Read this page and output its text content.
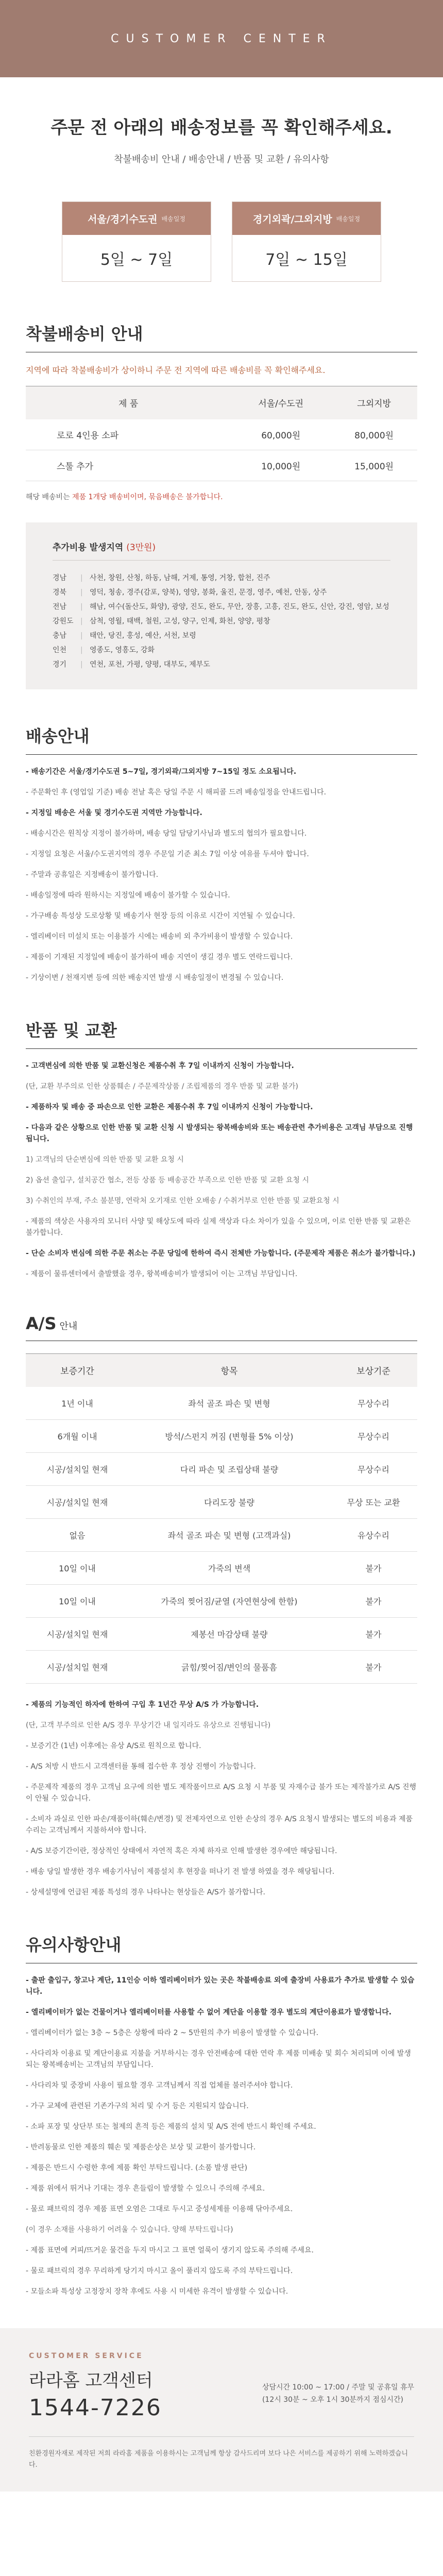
CUSTOMER CENTER
주문 전 아래의 배송정보를 꼭 확인해주세요.

착불배송비 안내 / 배송안내 / 반품 및 교환 / 유의사항

서울/경기수도권 배송일정
5일 ~ 7일
경기외곽/그외지방 배송일정
7일 ~ 15일
착불배송비 안내
지역에 따라 착불배송비가 상이하니 주문 전 지역에 따른 배송비를 꼭 확인해주세요.
제 품	서울/수도권	그외지방
로로 4인용 소파	60,000원	80,000원
스툴 추가	10,000원	15,000원
해당 배송비는 제품 1개당 배송비이며, 묶음배송은 불가합니다.
추가비용 발생지역 (3만원)
경남	| 사천, 창원, 산청, 하동, 남해, 거제, 통영, 거창, 합천, 진주
경북	| 영덕, 청송, 경주(감포, 양북), 영양, 봉화, 울진, 문경, 영주, 예천, 안동, 상주
전남	| 해남, 여수(돌산도, 화양), 광양, 진도, 완도, 무안, 장흥, 고흥, 진도, 완도, 신안, 강진, 영암, 보성
강원도 | 삼척, 영월, 태백, 철원, 고성, 양구, 인제, 화천, 양양, 평창
충남	| 태안, 당진, 홍성, 예산, 서천, 보령
인천	| 영종도, 영흥도, 강화
경기	| 연천, 포천, 가평, 양평, 대부도, 제부도
배송안내
- 배송기간은 서울/경기수도권 5~7일, 경기외곽/그외지방 7~15일 정도 소요됩니다.
- 주문확인 후 (영업일 기준) 배송 전날 혹은 당일 주문 시 해피콜 드려 배송일정을 안내드립니다.
- 지정일 배송은 서울 및 경기수도권 지역만 가능합니다.
- 배송시간은 원칙상 지정이 불가하며, 배송 당일 담당기사님과 별도의 협의가 필요합니다.
- 지정일 요청은 서울/수도권지역의 경우 주문일 기준 최소 7일 이상 여유를 두셔야 합니다.
- 주말과 공휴일은 지정배송이 불가합니다.
- 배송일정에 따라 원하시는 지정일에 배송이 불가할 수 있습니다.
- 가구배송 특성상 도로상황 및 배송기사 현장 등의 이유로 시간이 지연될 수 있습니다.
- 엘리베이터 미설치 또는 이용불가 시에는 배송비 외 추가비용이 발생할 수 있습니다.
- 제품이 기재된 지정일에 배송이 불가하여 배송 지연이 생길 경우 별도 연락드립니다.
- 기상이변 / 천재지변 등에 의한 배송지연 발생 시 배송일정이 변경될 수 있습니다.
반품 및 교환
- 고객변심에 의한 반품 및 교환신청은 제품수취 후 7일 이내까지 신청이 가능합니다.
(단, 교환 부주의로 인한 상품훼손 / 주문제작상품 / 조립제품의 경우 반품 및 교환 불가)
- 제품하자 및 배송 중 파손으로 인한 교환은 제품수취 후 7일 이내까지 신청이 가능합니다.
- 다음과 같은 상황으로 인한 반품 및 교환 신청 시 발생되는 왕복배송비와 또는 배송관련 추가비용은 고객님 부담으로 진행됩니다.
1) 고객님의 단순변심에 의한 반품 및 교환 요청 시
2) 옵션 출입구, 설치공간 협소, 전등 상품 등 배송공간 부족으로 인한 반품 및 교환 요청 시
3) 수취인의 부재, 주소 불분명, 연락처 오기재로 인한 오배송 / 수취거부로 인한 반품 및 교환요청 시
- 제품의 색상은 사용자의 모니터 사양 및 해상도에 따라 실제 색상과 다소 차이가 있을 수 있으며, 이로 인한 반품 및 교환은 불가합니다.
- 단순 소비자 변심에 의한 주문 취소는 주문 당일에 한하여 즉시 전체반 가능합니다. (주문제작 제품은 취소가 불가합니다.)
- 제품이 물류센터에서 출발했을 경우, 왕복배송비가 발생되어 이는 고객님 부담입니다.
A/S 안내
보증기간	항목	보상기준
1년 이내	좌석 골조 파손 및 변형	무상수리
6개월 이내	방석/스펀지 꺼짐 (변형률 5% 이상)	무상수리
시공/설치일 현재	다리 파손 및 조립상태 불량	무상수리
시공/설치일 현재	다리도장 불량	무상 또는 교환
없음	좌석 골조 파손 및 변형 (고객과실)	유상수리
10일 이내	가죽의 변색	불가
10일 이내	가죽의 찢어짐/균열 (자연현상에 한함)	불가
시공/설치일 현재	제봉선 마감상태 불량	불가
시공/설치일 현재	긁힘/찢어짐/변인의 물품흠	불가
- 제품의 기능적인 하자에 한하여 구입 후 1년간 무상 A/S 가 가능합니다.
(단, 고객 부주의로 인한 A/S 경우 무상기간 내 일지라도 유상으로 진행됩니다)
- 보증기간 (1년) 이후에는 유상 A/S로 원칙으로 합니다.
- A/S 처방 시 반드시 고객센터를 통해 접수한 후 정상 진행이 가능합니다.
- 주문제작 제품의 경우 고객님 요구에 의한 별도 제작품이므로 A/S 요청 시 부품 및 자재수급 불가 또는 제작불가로 A/S 진행이 안될 수 있습니다.
- 소비자 과실로 인한 파손/재품이하(훼손/변경) 및 전제자연으로 인한 손상의 경우 A/S 요청시 발생되는 별도의 비용과 제품수리는 고객님께서 지불하셔야 합니다.
- A/S 보증기간이란, 정상적인 상태에서 자연적 혹은 자체 하자로 인해 발생한 경우에만 해당됩니다.
- 배송 당일 발생한 경우 배송기사님이 제품설치 후 현장을 떠나기 전 발생 하였을 경우 해당됩니다.
- 상세설명에 언급된 제품 특성의 경우 나타나는 현상들은 A/S가 불가합니다.
유의사항안내
- 출판 출입구, 창고나 계단, 11인승 이하 엘리베이터가 있는 곳은 착불배송료 외에 출장비 사용료가 추가로 발생할 수 있습니다.
- 엘리베이터가 없는 건물이거나 엘리베이터를 사용할 수 없어 계단을 이용할 경우 별도의 계단이용료가 발생합니다.
- 엘리베이터가 없는 3층 ~ 5층은 상황에 따라 2 ~ 5만원의 추가 비용이 발생할 수 있습니다.
- 사다리차 이용료 및 계단이용료 지불을 거부하시는 경우 안전배송에 대한 연락 후 제품 미배송 및 회수 처리되며 이에 발생되는 왕복배송비는 고객님의 부담입니다.
- 사다리차 및 중장비 사용이 필요할 경우 고객님께서 직접 업체를 불러주셔야 합니다.
- 가구 교체에 관련된 기존가구의 처리 및 수거 등은 지원되지 않습니다.
- 소파 포장 및 상단부 또는 철제의 흔적 등은 제품의 설치 및 A/S 전에 반드시 확인해 주세요.
- 반려동물로 인한 제품의 훼손 및 제품손상은 보상 및 교환이 불가합니다.
- 제품은 반드시 수령한 후에 제품 확인 부탁드립니다. (소품 발생 판단)
- 제품 위에서 뛰거나 기대는 경우 흔들림이 발생할 수 있으니 주의해 주세요.
- 물로 패브릭의 경우 제품 표면 오염은 그대로 두시고 중성세제를 이용해 닦아주세요.
(이 경우 소재를 사용하기 어려울 수 있습니다. 양해 부탁드립니다)
- 제품 표면에 커피/뜨거운 물건을 두지 마시고 그 표면 얼룩이 생기지 않도록 주의해 주세요.
- 물로 패브릭의 경우 무리하게 당기지 마시고 올이 풀리지 않도록 주의 부탁드립니다.
- 모들소파 특성상 고정장치 장착 후에도 사용 시 미세한 유격이 발생할 수 있습니다.
CUSTOMER SERVICE
라라홈 고객센터
1544-7226
상담시간 10:00 ~ 17:00 / 주말 및 공휴일 휴무
(12시 30분 ~ 오후 1시 30분까지 점심시간)
친환경원자재로 제작된 저희 라라홈 제품을 이용하시는 고객님께 항상 감사드리며 보다 나은 서비스를 제공하기 위해 노력하겠습니다.
